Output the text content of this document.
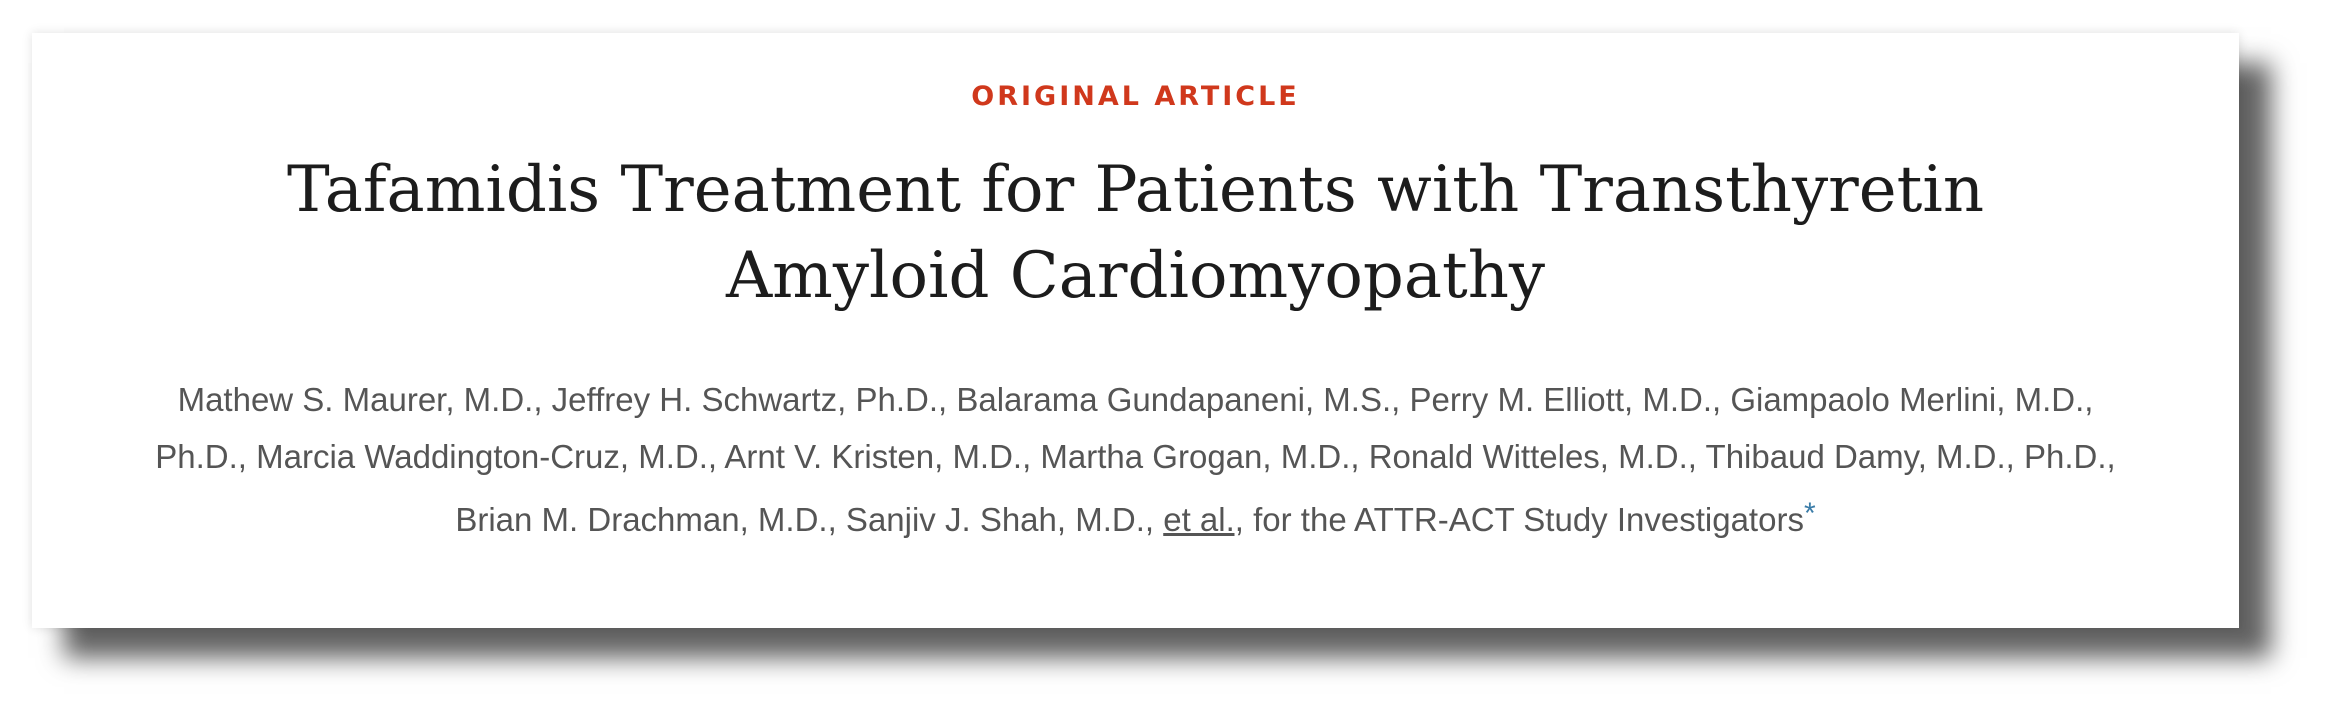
ORIGINAL ARTICLE
Tafamidis Treatment for Patients with Transthyretin Amyloid Cardiomyopathy

Mathew S. Maurer, M.D., Jeffrey H. Schwartz, Ph.D., Balarama Gundapaneni, M.S., Perry M. Elliott, M.D., Giampaolo Merlini, M.D., Ph.D., Marcia Waddington-Cruz, M.D., Arnt V. Kristen, M.D., Martha Grogan, M.D., Ronald Witteles, M.D., Thibaud Damy, M.D., Ph.D., Brian M. Drachman, M.D., Sanjiv J. Shah, M.D., et al., for the ATTR-ACT Study Investigators*
